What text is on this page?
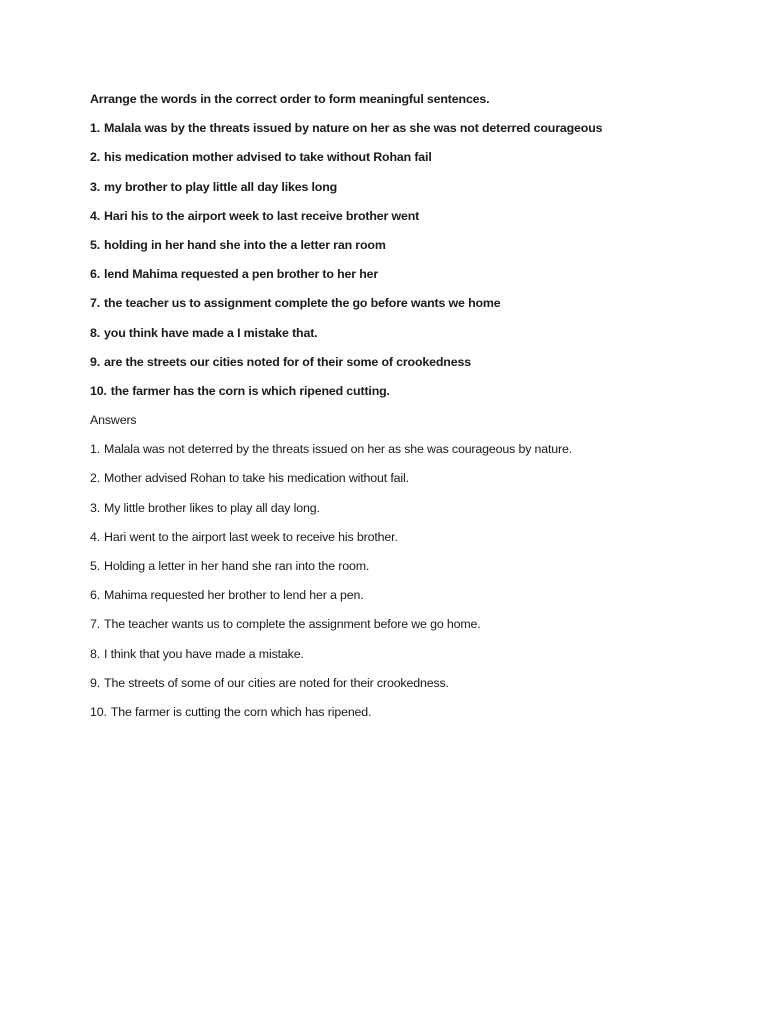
Arrange the words in the correct order to form meaningful sentences.
1. Malala was by the threats issued by nature on her as she was not deterred courageous
2. his medication mother advised to take without Rohan fail
3. my brother to play little all day likes long
4. Hari his to the airport week to last receive brother went
5. holding in her hand she into the a letter ran room
6. lend Mahima requested a pen brother to her her
7. the teacher us to assignment complete the go before wants we home
8. you think have made a I mistake that.
9. are the streets our cities noted for of their some of crookedness
10. the farmer has the corn is which ripened cutting.
Answers
1. Malala was not deterred by the threats issued on her as she was courageous by nature.
2. Mother advised Rohan to take his medication without fail.
3. My little brother likes to play all day long.
4. Hari went to the airport last week to receive his brother.
5. Holding a letter in her hand she ran into the room.
6. Mahima requested her brother to lend her a pen.
7. The teacher wants us to complete the assignment before we go home.
8. I think that you have made a mistake.
9. The streets of some of our cities are noted for their crookedness.
10. The farmer is cutting the corn which has ripened.
